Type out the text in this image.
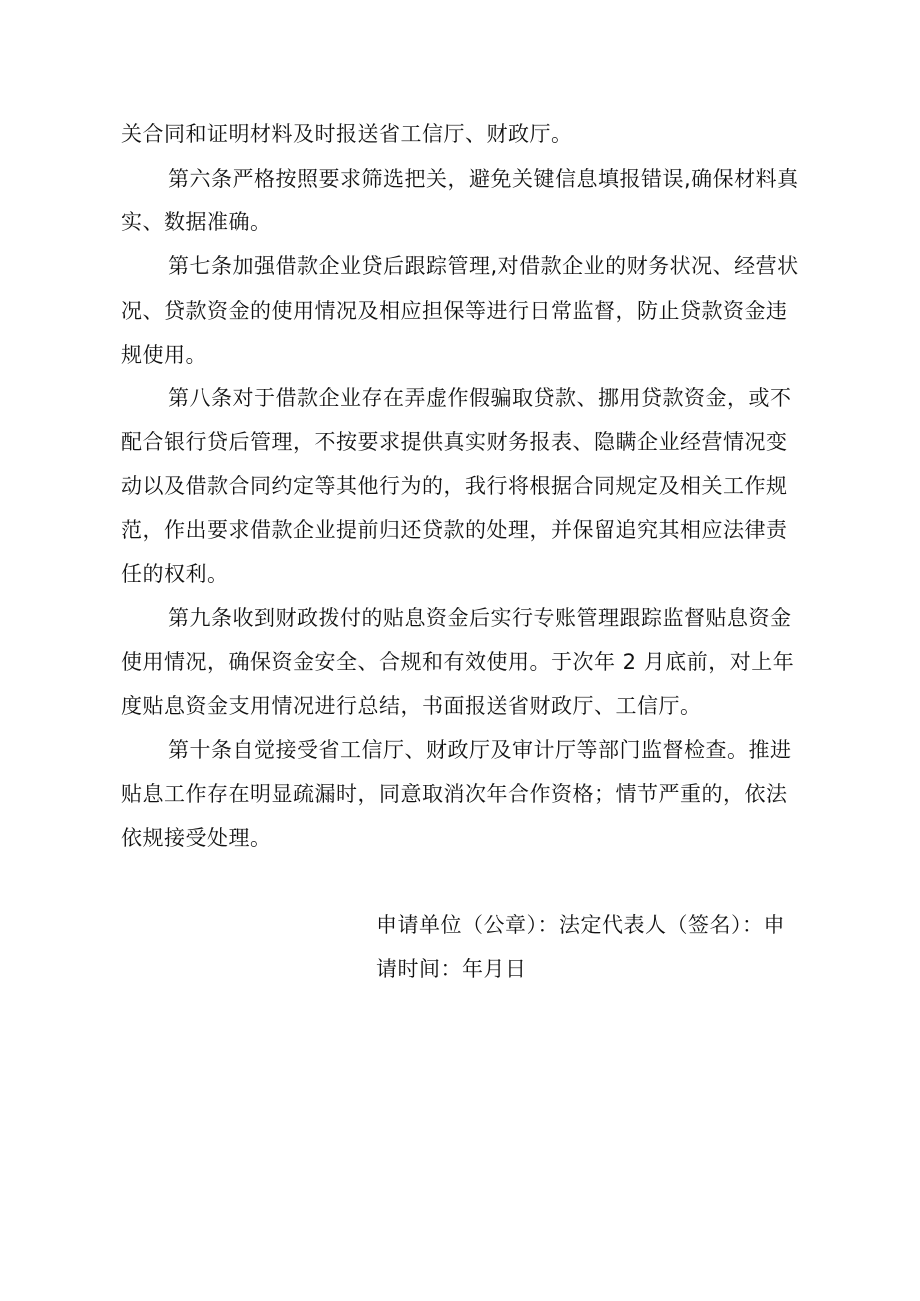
关合同和证明材料及时报送省工信厅、财政厅。
第六条严格按照要求筛选把关，避免关键信息填报错误,确保材料真
实、数据准确。
第七条加强借款企业贷后跟踪管理,对借款企业的财务状况、经营状
况、贷款资金的使用情况及相应担保等进行日常监督，防止贷款资金违
规使用。
第八条对于借款企业存在弄虚作假骗取贷款、挪用贷款资金，或不
配合银行贷后管理，不按要求提供真实财务报表、隐瞒企业经营情况变
动以及借款合同约定等其他行为的，我行将根据合同规定及相关工作规
范，作出要求借款企业提前归还贷款的处理，并保留追究其相应法律责
任的权利。
第九条收到财政拨付的贴息资金后实行专账管理跟踪监督贴息资金
使用情况，确保资金安全、合规和有效使用。于次年 2 月底前，对上年
度贴息资金支用情况进行总结，书面报送省财政厅、工信厅。
第十条自觉接受省工信厅、财政厅及审计厅等部门监督检查。推进
贴息工作存在明显疏漏时，同意取消次年合作资格；情节严重的，依法
依规接受处理。
申请单位（公章）：法定代表人（签名）：申
请时间：年月日
